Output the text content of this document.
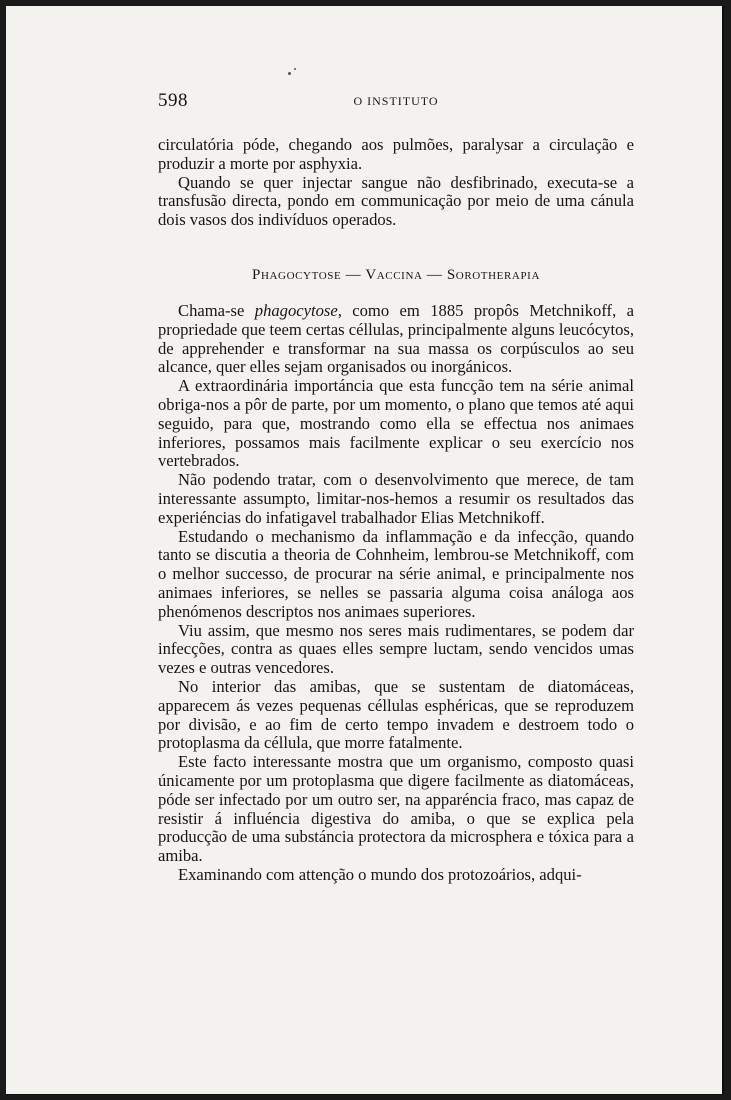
598	O INSTITUTO

circulatória póde, chegando aos pulmões, paralysar a circulação e produzir a morte por asphyxia.

Quando se quer injectar sangue não desfibrinado, executa-se a transfusão directa, pondo em communicação por meio de uma cánula dois vasos dos indivíduos operados.

Phagocytose — Vaccina — Sorotherapia

Chama-se phagocytose, como em 1885 propôs Metchnikoff, a propriedade que teem certas céllulas, principalmente alguns leucócytos, de apprehender e transformar na sua massa os corpúsculos ao seu alcance, quer elles sejam organisados ou inorgánicos.

A extraordinária importáncia que esta funcção tem na série animal obriga-nos a pôr de parte, por um momento, o plano que temos até aqui seguido, para que, mostrando como ella se effectua nos animaes inferiores, possamos mais facilmente explicar o seu exercício nos vertebrados.

Não podendo tratar, com o desenvolvimento que merece, de tam interessante assumpto, limitar-nos-hemos a resumir os resultados das experiéncias do infatigavel trabalhador Elias Metchnikoff.

Estudando o mechanismo da inflammação e da infecção, quando tanto se discutia a theoria de Cohnheim, lembrou-se Metchnikoff, com o melhor successo, de procurar na série animal, e principalmente nos animaes inferiores, se nelles se passaria alguma coisa análoga aos phenómenos descriptos nos animaes superiores.

Viu assim, que mesmo nos seres mais rudimentares, se podem dar infecções, contra as quaes elles sempre luctam, sendo vencidos umas vezes e outras vencedores.

No interior das amibas, que se sustentam de diatomáceas, apparecem ás vezes pequenas céllulas esphéricas, que se reproduzem por divisão, e ao fim de certo tempo invadem e destroem todo o protoplasma da céllula, que morre fatalmente.

Este facto interessante mostra que um organismo, composto quasi únicamente por um protoplasma que digere facilmente as diatomáceas, póde ser infectado por um outro ser, na apparéncia fraco, mas capaz de resistir á influéncia digestiva do amiba, o que se explica pela producção de uma substáncia protectora da microsphera e tóxica para a amiba.

Examinando com attenção o mundo dos protozoários, adqui-
